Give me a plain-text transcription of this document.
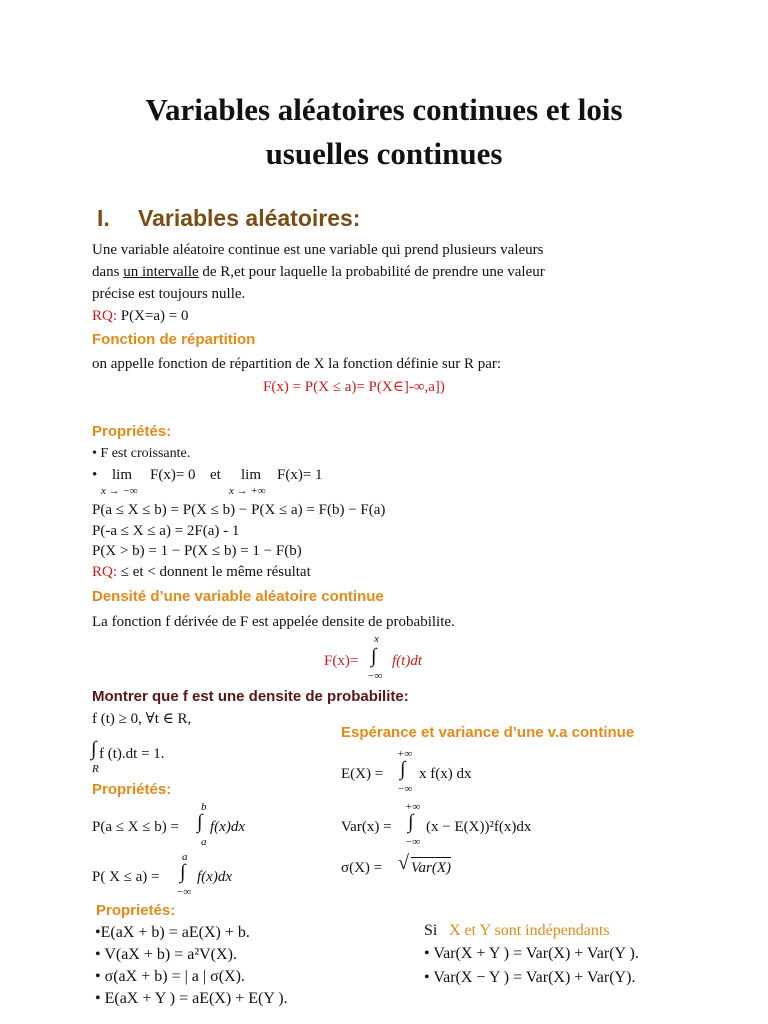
Variables aléatoires continues et lois
usuelles continues
I. Variables aléatoires:
Une variable aléatoire continue est une variable qui prend plusieurs valeurs
dans un intervalle de R,et pour laquelle la probabilité de prendre une valeur
précise est toujours nulle.
RQ: P(X=a) = 0
Fonction de répartition
on appelle fonction de répartition de X la fonction définie sur R par:
F(x) = P(X ≤ a)= P(X∈]-∞,a])
Propriétés:
• F est croissante.
• lim F(x)= 0 et lim F(x)= 1
x → −∞	x → +∞
P(a ≤ X ≤ b) = P(X ≤ b) − P(X ≤ a) = F(b) − F(a)
P(-a ≤ X ≤ a) = 2F(a) - 1
P(X > b) = 1 − P(X ≤ b) = 1 − F(b)
RQ: ≤ et < donnent le même résultat
Densité d’une variable aléatoire continue
La fonction f dérivée de F est appelée densite de probabilite.
x
F(x)= ∫ f(t)dt
−∞
Montrer que f est une densite de probabilite:
f (t) ≥ 0, ∀t ∈ R,
∫ f (t).dt = 1.
R
Propriétés:
b
P(a ≤ X ≤ b) = ∫ f(x)dx
a
a
P( X ≤ a) = ∫ f(x)dx
−∞
Espérance et variance d’une v.a continue
+∞
E(X) = ∫ x f(x) dx
−∞
+∞
Var(x) = ∫ (x − E(X))²f(x)dx
−∞
σ(X) = √ Var(X)
Proprietés:
•E(aX + b) = aE(X) + b.
• V(aX + b) = a²V(X).
• σ(aX + b) = | a | σ(X).
• E(aX + Y ) = aE(X) + E(Y ).
Si X et Y sont indépendants
• Var(X + Y ) = Var(X) + Var(Y ).
• Var(X − Y ) = Var(X) + Var(Y).
